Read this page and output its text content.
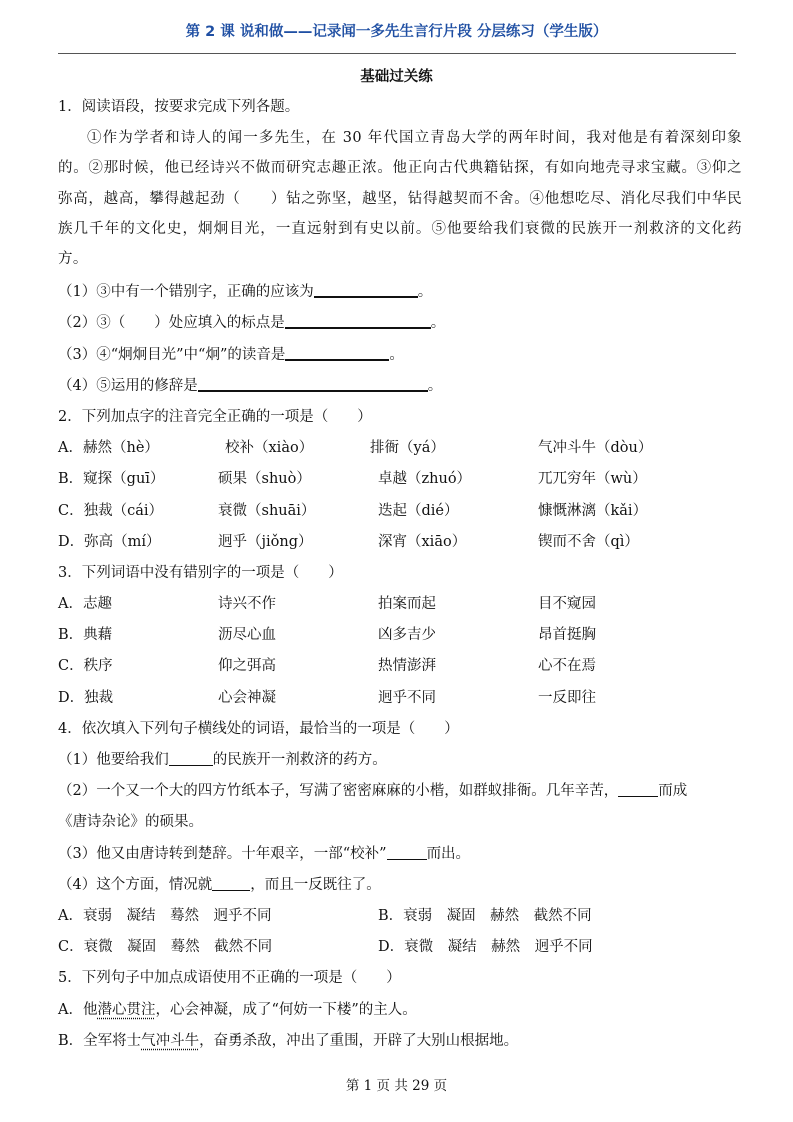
第 2 课 说和做——记录闻一多先生言行片段 分层练习（学生版）
基础过关练
1．阅读语段，按要求完成下列各题。
①作为学者和诗人的闻一多先生，在 30 年代国立青岛大学的两年时间，我对他是有着深刻印象的。②那时候，他已经诗兴不做而研究志趣正浓。他正向古代典籍钻探，有如向地壳寻求宝藏。③仰之弥高，越高，攀得越起劲（　　）钻之弥坚，越坚，钻得越契而不舍。④他想吃尽、消化尽我们中华民族几千年的文化史，炯炯目光，一直远射到有史以前。⑤他要给我们衰微的民族开一剂救济的文化药方。
（1）③中有一个错别字，正确的应该为	。
（2）③（　　）处应填入的标点是	。
（3）④“炯炯目光”中“炯”的读音是	。
（4）⑤运用的修辞是	。
2．下列加点字的注音完全正确的一项是（　　）
A．赫然（hè）	校补（xiào）	排衙（yá）	气冲斗牛（dòu）
B．窥探（guī）	硕果（shuò）	卓越（zhuó）	兀兀穷年（wù）
C．独裁（cái）	衰微（shuāi）	迭起（dié）	慷慨淋漓（kǎi）
D．弥高（mí）	迥乎（jiǒng）	深宵（xiāo）	锲而不舍（qì）
3．下列词语中没有错别字的一项是（　　）
A．志趣	诗兴不作	拍案而起	目不窥园
B．典藉	沥尽心血	凶多吉少	昂首挺胸
C．秩序	仰之弭高	热情澎湃	心不在焉
D．独裁	心会神凝	迥乎不同	一反即往
4．依次填入下列句子横线处的词语，最恰当的一项是（　　）
（1）他要给我们	的民族开一剂救济的药方。
（2）一个又一个大的四方竹纸本子，写满了密密麻麻的小楷，如群蚁排衙。几年辛苦，	而成
《唐诗杂论》的硕果。
（3）他又由唐诗转到楚辞。十年艰辛，一部“校补”	而出。
（4）这个方面，情况就	，而且一反既往了。
A．衰弱　凝结　蓦然　迥乎不同	B．衰弱　凝固　赫然　截然不同
C．衰微　凝固　蓦然　截然不同	D．衰微　凝结　赫然　迥乎不同
5．下列句子中加点成语使用不正确的一项是（　　）
A．他潜心贯注，心会神凝，成了“何妨一下楼”的主人。
B．全军将士气冲斗牛，奋勇杀敌，冲出了重围，开辟了大别山根据地。
第 1 页 共 29 页
